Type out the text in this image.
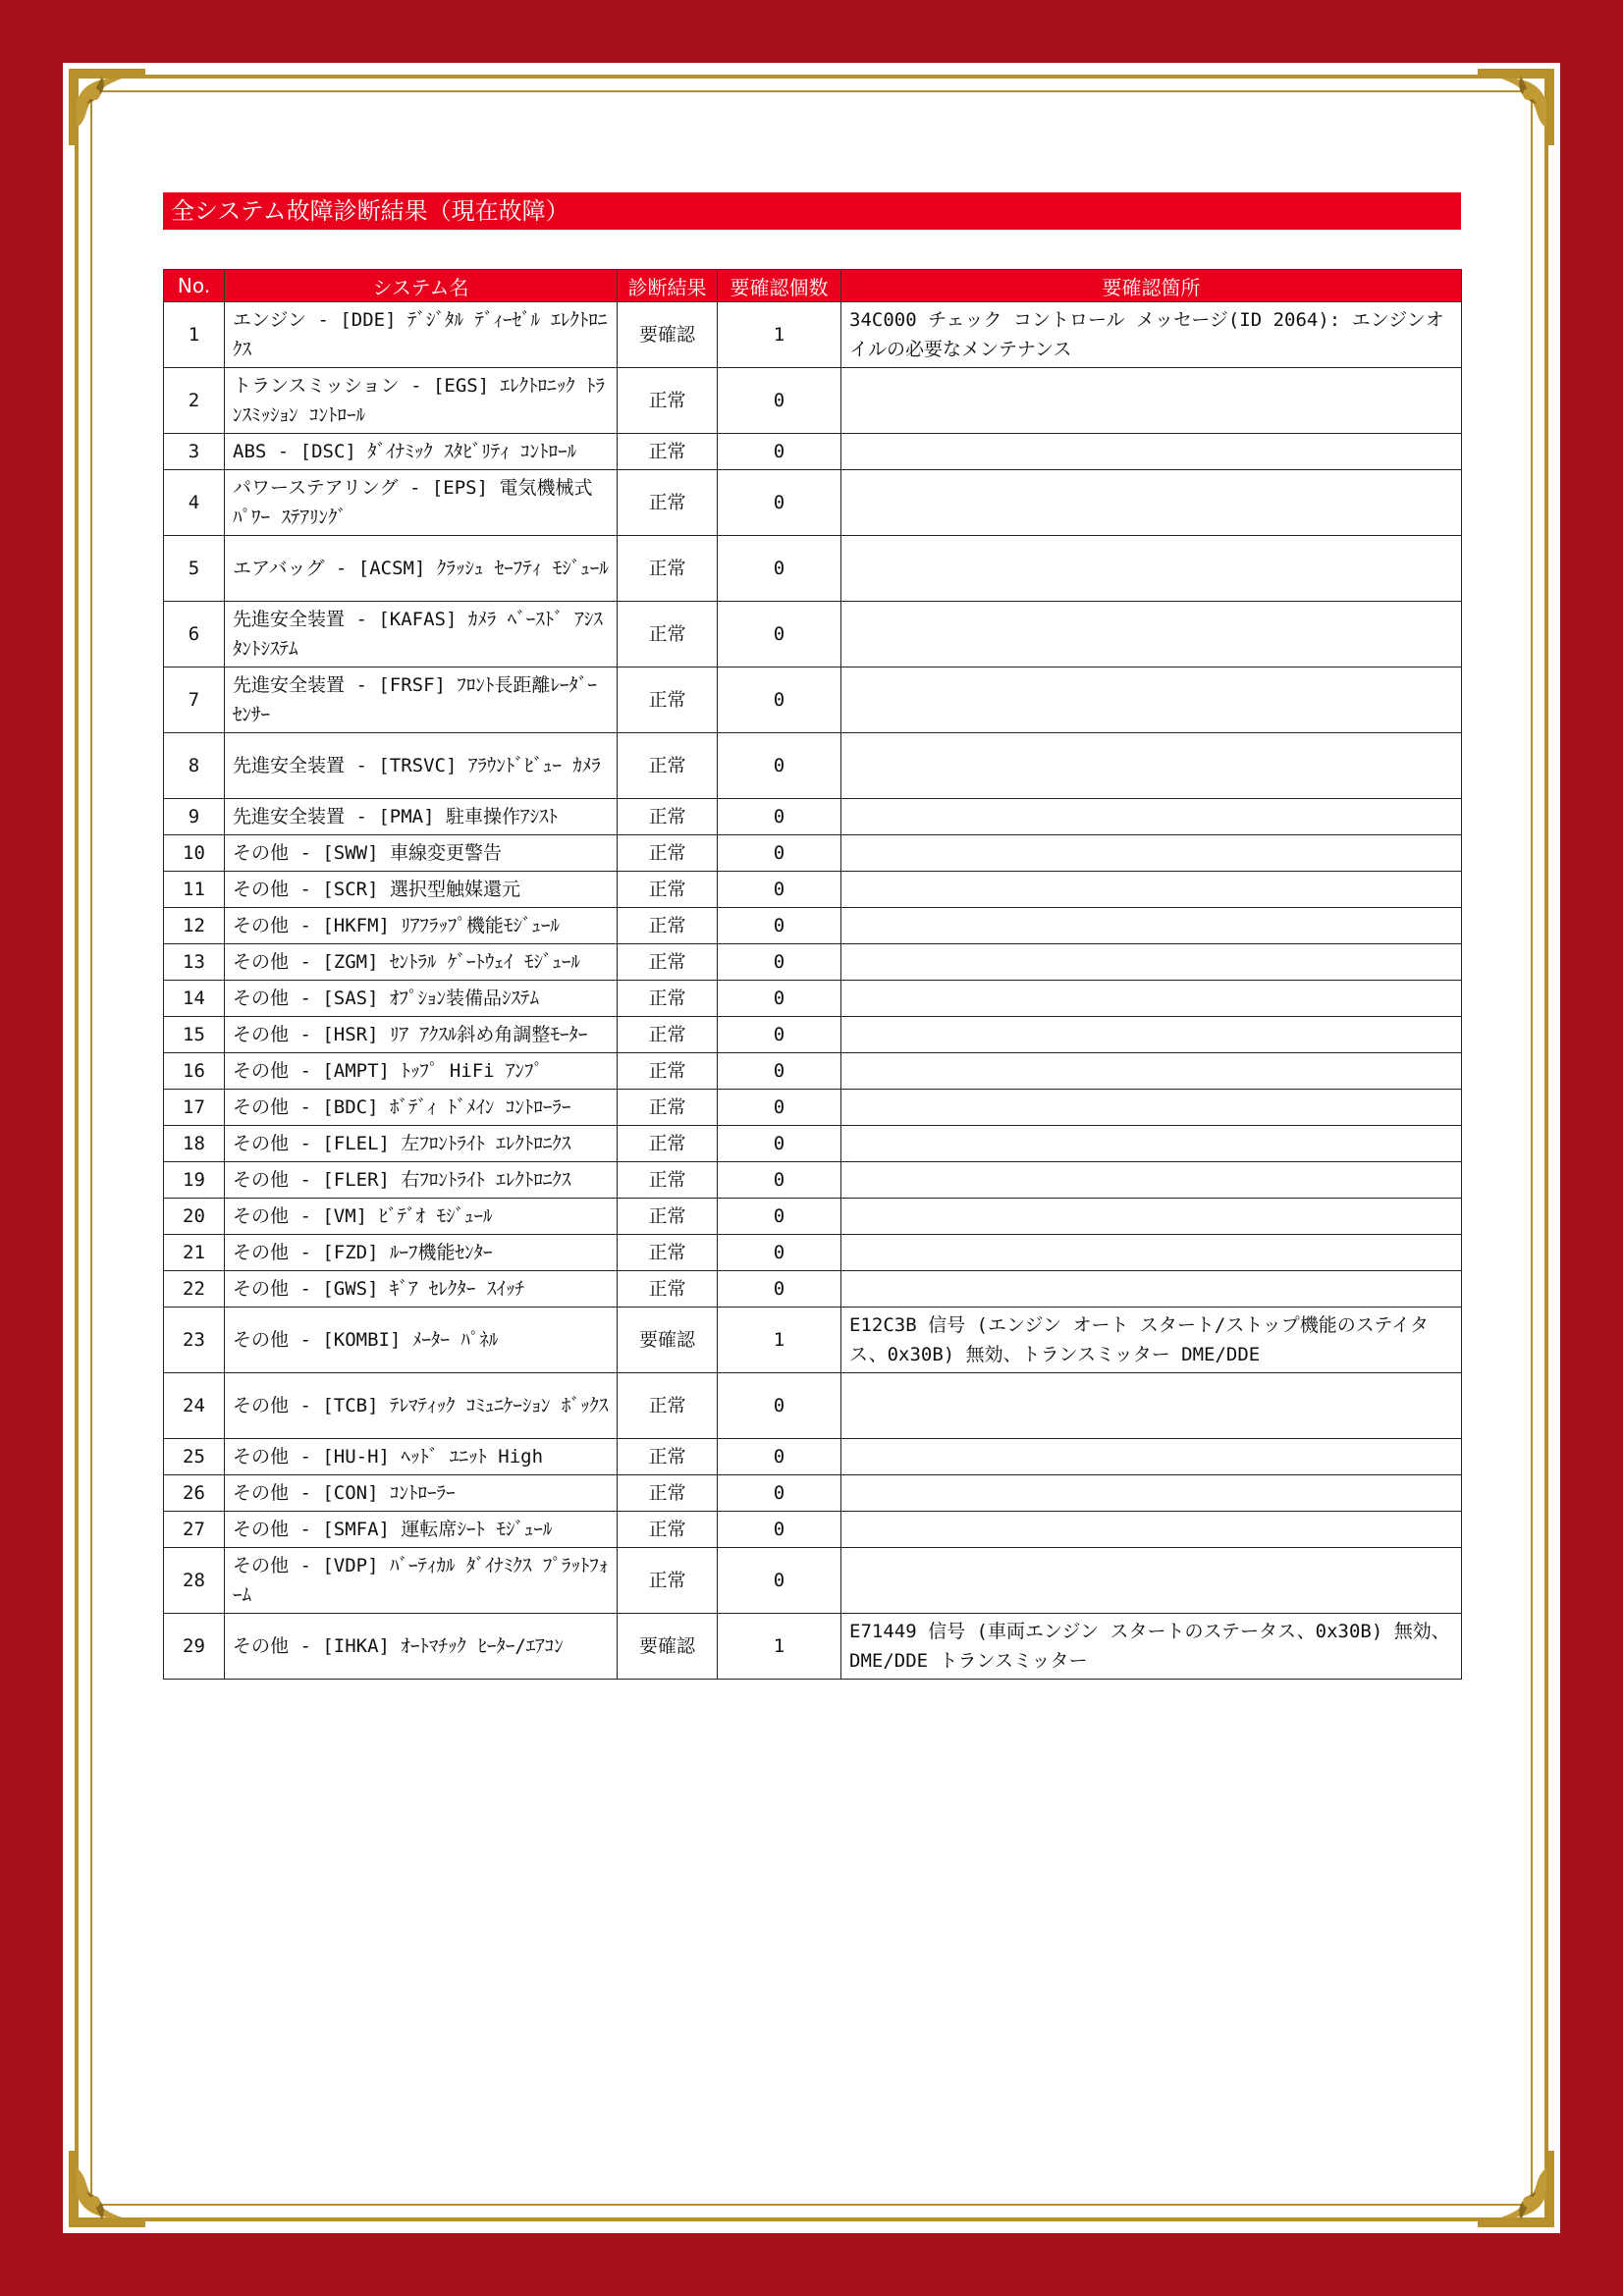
全システム故障診断結果（現在故障）
No.	システム名	診断結果	要確認個数	要確認箇所
1	エンジン - [DDE] ﾃﾞｼﾞﾀﾙ ﾃﾞｨｰｾﾞﾙ ｴﾚｸﾄﾛﾆｸｽ	要確認	1	34C000 チェック コントロール メッセージ(ID 2064): エンジンオイルの必要なメンテナンス
2	トランスミッション - [EGS] ｴﾚｸﾄﾛﾆｯｸ ﾄﾗﾝｽﾐｯｼｮﾝ ｺﾝﾄﾛｰﾙ	正常	0	
3	ABS - [DSC] ﾀﾞｲﾅﾐｯｸ ｽﾀﾋﾞﾘﾃｨ ｺﾝﾄﾛｰﾙ	正常	0	
4	パワーステアリング - [EPS] 電気機械式ﾊﾟﾜｰ ｽﾃｱﾘﾝｸﾞ	正常	0	
5	エアバッグ - [ACSM] ｸﾗｯｼｭ ｾｰﾌﾃｨ ﾓｼﾞｭｰﾙ	正常	0	
6	先進安全装置 - [KAFAS] ｶﾒﾗ ﾍﾞｰｽﾄﾞ ｱｼｽﾀﾝﾄｼｽﾃﾑ	正常	0	
7	先進安全装置 - [FRSF] ﾌﾛﾝﾄ長距離ﾚｰﾀﾞｰ ｾﾝｻｰ	正常	0	
8	先進安全装置 - [TRSVC] ｱﾗｳﾝﾄﾞﾋﾞｭｰ ｶﾒﾗ	正常	0	
9	先進安全装置 - [PMA] 駐車操作ｱｼｽﾄ	正常	0	
10	その他 - [SWW] 車線変更警告	正常	0	
11	その他 - [SCR] 選択型触媒還元	正常	0	
12	その他 - [HKFM] ﾘｱﾌﾗｯﾌﾟ機能ﾓｼﾞｭｰﾙ	正常	0	
13	その他 - [ZGM] ｾﾝﾄﾗﾙ ｹﾞｰﾄｳｪｲ ﾓｼﾞｭｰﾙ	正常	0	
14	その他 - [SAS] ｵﾌﾟｼｮﾝ装備品ｼｽﾃﾑ	正常	0	
15	その他 - [HSR] ﾘｱ ｱｸｽﾙ斜め角調整ﾓｰﾀｰ	正常	0	
16	その他 - [AMPT] ﾄｯﾌﾟ HiFi ｱﾝﾌﾟ	正常	0	
17	その他 - [BDC] ﾎﾞﾃﾞｨ ﾄﾞﾒｲﾝ ｺﾝﾄﾛｰﾗｰ	正常	0	
18	その他 - [FLEL] 左ﾌﾛﾝﾄﾗｲﾄ ｴﾚｸﾄﾛﾆｸｽ	正常	0	
19	その他 - [FLER] 右ﾌﾛﾝﾄﾗｲﾄ ｴﾚｸﾄﾛﾆｸｽ	正常	0	
20	その他 - [VM] ﾋﾞﾃﾞｵ ﾓｼﾞｭｰﾙ	正常	0	
21	その他 - [FZD] ﾙｰﾌ機能ｾﾝﾀｰ	正常	0	
22	その他 - [GWS] ｷﾞｱ ｾﾚｸﾀｰ ｽｲｯﾁ	正常	0	
23	その他 - [KOMBI] ﾒｰﾀｰ ﾊﾟﾈﾙ	要確認	1	E12C3B 信号 (エンジン オート スタート/ストップ機能のステイタス、0x30B) 無効、トランスミッター DME/DDE
24	その他 - [TCB] ﾃﾚﾏﾃｨｯｸ ｺﾐｭﾆｹｰｼｮﾝ ﾎﾞｯｸｽ	正常	0	
25	その他 - [HU-H] ﾍｯﾄﾞ ﾕﾆｯﾄ High	正常	0	
26	その他 - [CON] ｺﾝﾄﾛｰﾗｰ	正常	0	
27	その他 - [SMFA] 運転席ｼｰﾄ ﾓｼﾞｭｰﾙ	正常	0	
28	その他 - [VDP] ﾊﾞｰﾃｨｶﾙ ﾀﾞｲﾅﾐｸｽ ﾌﾟﾗｯﾄﾌｫｰﾑ	正常	0	
29	その他 - [IHKA] ｵｰﾄﾏﾁｯｸ ﾋｰﾀｰ/ｴｱｺﾝ	要確認	1	E71449 信号 (車両エンジン スタートのステータス、0x30B) 無効、DME/DDE トランスミッター
